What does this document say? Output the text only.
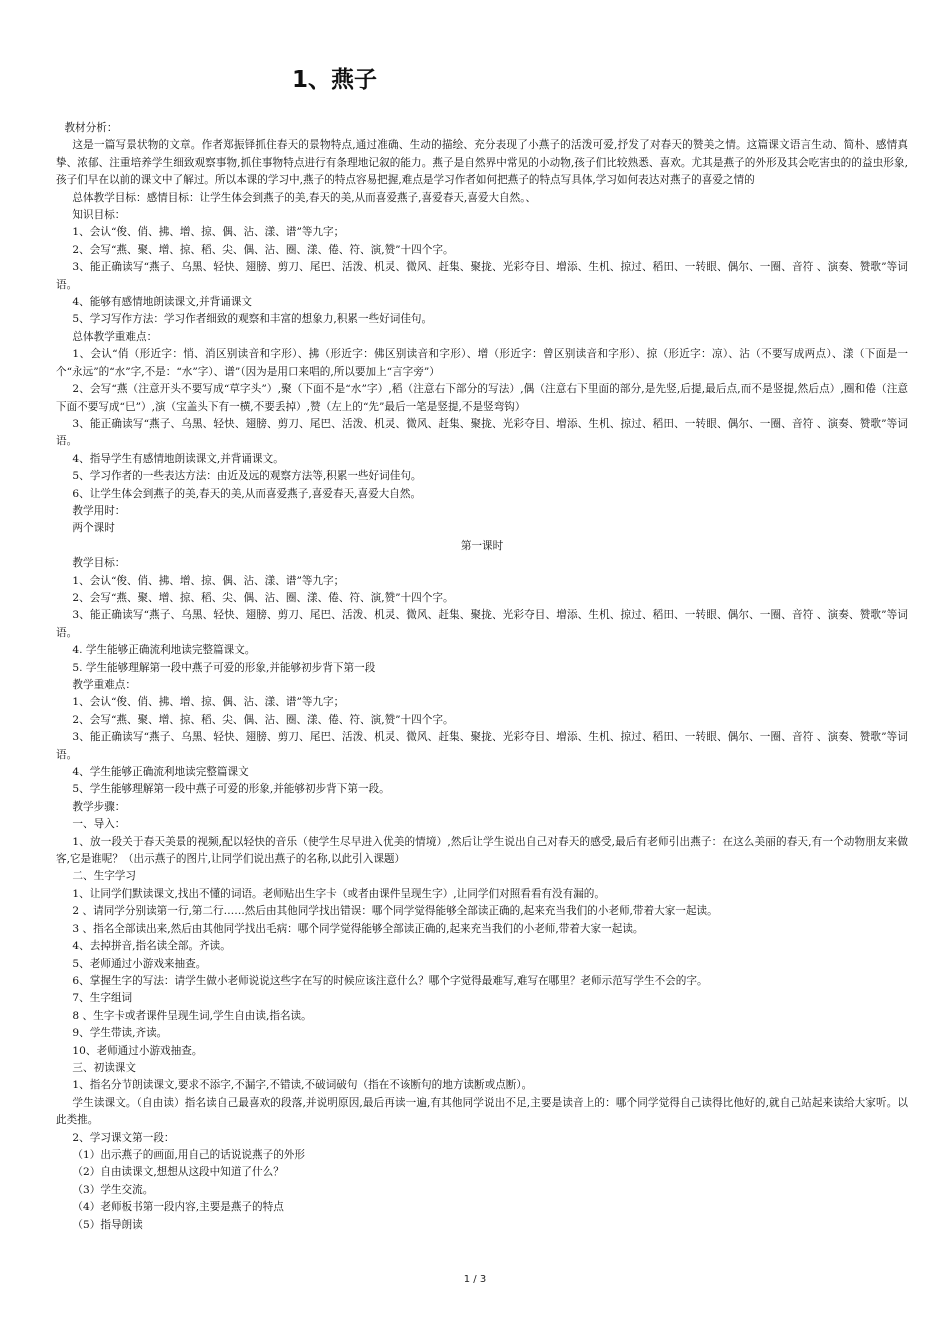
1、燕子

教材分析：

这是一篇写景状物的文章。作者郑振铎抓住春天的景物特点,通过准确、生动的描绘、充分表现了小燕子的活泼可爱,抒发了对春天的赞美之情。这篇课文语言生动、简朴、感情真挚、浓郁、注重培养学生细致观察事物,抓住事物特点进行有条理地记叙的能力。燕子是自然界中常见的小动物,孩子们比较熟悉、喜欢。尤其是燕子的外形及其会吃害虫的的益虫形象,孩子们早在以前的课文中了解过。所以本课的学习中,燕子的特点容易把握,难点是学习作者如何把燕子的特点写具体,学习如何表达对燕子的喜爱之情的

总体教学目标：感情目标：让学生体会到燕子的美,春天的美,从而喜爱燕子,喜爱春天,喜爱大自然。、

知识目标：

1、会认“俊、俏、拂、增、掠、偶、沾、漾、谱”等九字；

2、会写“燕、聚、增、掠、稻、尖、偶、沾、圈、漾、倦、符、演,赞”十四个字。

3、能正确读写“燕子、乌黑、轻快、翅膀、剪刀、尾巴、活泼、机灵、微风、赶集、聚拢、光彩夺目、增添、生机、掠过、稻田、一转眼、偶尔、一圈、音符 、演奏、赞歌”等词语。

4、能够有感情地朗读课文,并背诵课文

5、学习写作方法：学习作者细致的观察和丰富的想象力,积累一些好词佳句。

总体教学重难点：

1、会认“俏（形近字：悄、消区别读音和字形）、拂（形近字：佛区别读音和字形）、增（形近字：曾区别读音和字形）、掠（形近字：凉）、沾（不要写成两点）、漾（下面是一个“永远”的“水”字,不是：“水”字）、谱”（因为是用口来唱的,所以要加上“言字旁”）

2、会写“燕（注意开头不要写成“草字头”）,聚（下面不是“水”字）,稻（注意右下部分的写法）,偶（注意右下里面的部分,是先竖,后提,最后点,而不是竖提,然后点）,圈和倦（注意下面不要写成“巳”）,演（宝盖头下有一横,不要丢掉）,赞（左上的“先”最后一笔是竖提,不是竖弯钩）

3、能正确读写“燕子、乌黑、轻快、翅膀、剪刀、尾巴、活泼、机灵、微风、赶集、聚拢、光彩夺目、增添、生机、掠过、稻田、一转眼、偶尔、一圈、音符 、演奏、赞歌”等词语。

4、指导学生有感情地朗读课文,并背诵课文。

5、学习作者的一些表达方法：由近及远的观察方法等,积累一些好词佳句。

6、让学生体会到燕子的美,春天的美,从而喜爱燕子,喜爱春天,喜爱大自然。

教学用时：

两个课时

第一课时

教学目标：

1、会认“俊、俏、拂、增、掠、偶、沾、漾、谱”等九字；

2、会写“燕、聚、增、掠、稻、尖、偶、沾、圈、漾、倦、符、演,赞”十四个字。

3、能正确读写“燕子、乌黑、轻快、翅膀、剪刀、尾巴、活泼、机灵、微风、赶集、聚拢、光彩夺目、增添、生机、掠过、稻田、一转眼、偶尔、一圈、音符 、演奏、赞歌”等词语。

4. 学生能够正确流利地读完整篇课文。

5. 学生能够理解第一段中燕子可爱的形象,并能够初步背下第一段

教学重难点：

1、会认“俊、俏、拂、增、掠、偶、沾、漾、谱”等九字；

2、会写“燕、聚、增、掠、稻、尖、偶、沾、圈、漾、倦、符、演,赞”十四个字。

3、能正确读写“燕子、乌黑、轻快、翅膀、剪刀、尾巴、活泼、机灵、微风、赶集、聚拢、光彩夺目、增添、生机、掠过、稻田、一转眼、偶尔、一圈、音符 、演奏、赞歌”等词语。

4、学生能够正确流利地读完整篇课文

5、学生能够理解第一段中燕子可爱的形象,并能够初步背下第一段。

教学步骤：

一、导入：

1、放一段关于春天美景的视频,配以轻快的音乐（使学生尽早进入优美的情境）,然后让学生说出自己对春天的感受,最后有老师引出燕子：在这么美丽的春天,有一个动物朋友来做客,它是谁呢？（出示燕子的图片,让同学们说出燕子的名称,以此引入课题）

二、生字学习

1、让同学们默读课文,找出不懂的词语。老师贴出生字卡（或者由课件呈现生字）,让同学们对照看看有没有漏的。

2 、请同学分别读第一行,第二行……然后由其他同学找出错误：哪个同学觉得能够全部读正确的,起来充当我们的小老师,带着大家一起读。

3 、指名全部读出来,然后由其他同学找出毛病：哪个同学觉得能够全部读正确的,起来充当我们的小老师,带着大家一起读。

4、去掉拼音,指名读全部。齐读。

5、老师通过小游戏来抽查。

6、掌握生字的写法：请学生做小老师说说这些字在写的时候应该注意什么？哪个字觉得最难写,难写在哪里？老师示范写学生不会的字。

7、生字组词

8 、生字卡或者课件呈现生词,学生自由读,指名读。

9、学生带读,齐读。

10、老师通过小游戏抽查。

三、初读课文

1、指名分节朗读课文,要求不添字,不漏字,不错读,不破词破句（指在不该断句的地方读断或点断）。

学生读课文。（自由读）指名读自己最喜欢的段落,并说明原因,最后再读一遍,有其他同学说出不足,主要是读音上的：哪个同学觉得自己读得比他好的,就自己站起来读给大家听。以此类推。

2、学习课文第一段：

（1）出示燕子的画面,用自己的话说说燕子的外形

（2）自由读课文,想想从这段中知道了什么？

（3）学生交流。

（4）老师板书第一段内容,主要是燕子的特点

（5）指导朗读

1 / 3
